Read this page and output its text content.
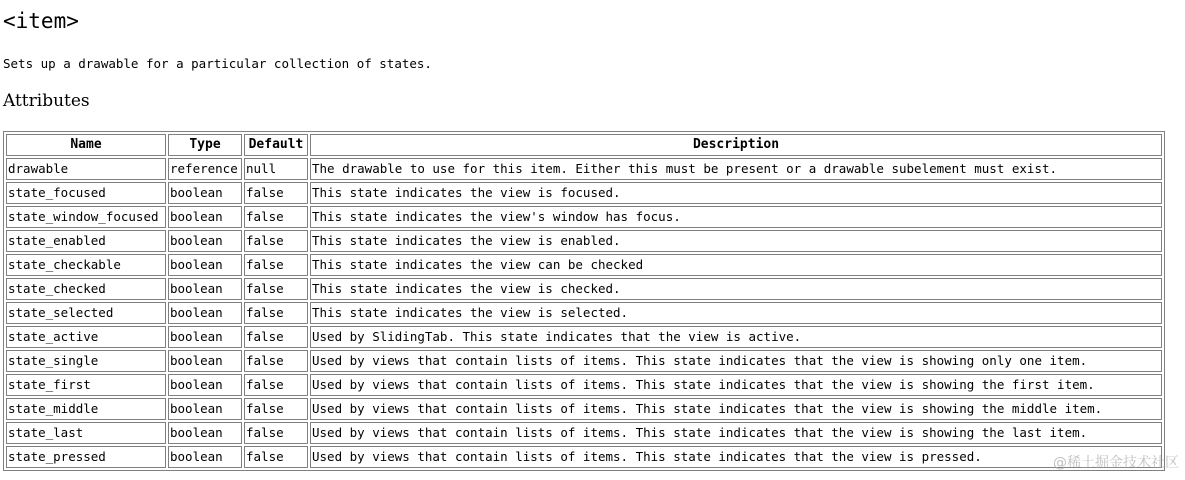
<item>

Sets up a drawable for a particular collection of states.

Attributes
Name	Type	Default	Description
drawable	reference	null	The drawable to use for this item. Either this must be present or a drawable subelement must exist.
state_focused	boolean	false	This state indicates the view is focused.
state_window_focused	boolean	false	This state indicates the view's window has focus.
state_enabled	boolean	false	This state indicates the view is enabled.
state_checkable	boolean	false	This state indicates the view can be checked
state_checked	boolean	false	This state indicates the view is checked.
state_selected	boolean	false	This state indicates the view is selected.
state_active	boolean	false	Used by SlidingTab. This state indicates that the view is active.
state_single	boolean	false	Used by views that contain lists of items. This state indicates that the view is showing only one item.
state_first	boolean	false	Used by views that contain lists of items. This state indicates that the view is showing the first item.
state_middle	boolean	false	Used by views that contain lists of items. This state indicates that the view is showing the middle item.
state_last	boolean	false	Used by views that contain lists of items. This state indicates that the view is showing the last item.
state_pressed	boolean	false	Used by views that contain lists of items. This state indicates that the view is pressed.	@稀土掘金技术社区
